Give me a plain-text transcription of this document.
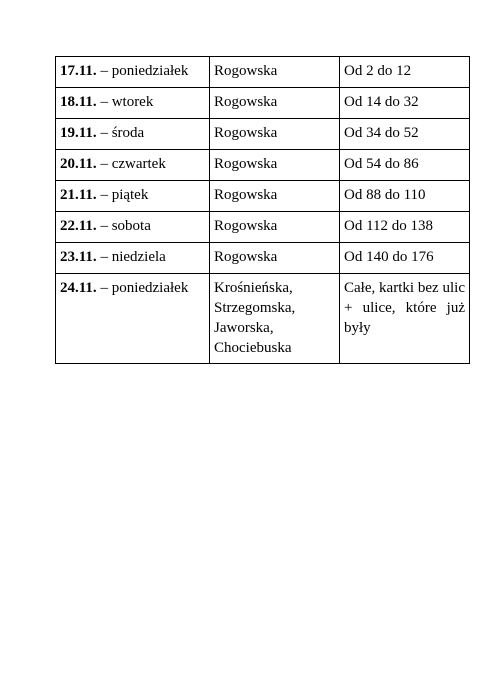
17.11. – poniedziałek	Rogowska	Od 2 do 12
18.11. – wtorek	Rogowska	Od 14 do 32
19.11. – środa	Rogowska	Od 34 do 52
20.11. – czwartek	Rogowska	Od 54 do 86
21.11. – piątek	Rogowska	Od 88 do 110
22.11. – sobota	Rogowska	Od 112 do 138
23.11. – niedziela	Rogowska	Od 140 do 176
24.11. – poniedziałek	Krośnieńska,
Strzegomska,
Jaworska,
Chociebuska	Całe, kartki bez ulic + ulice, które już były
